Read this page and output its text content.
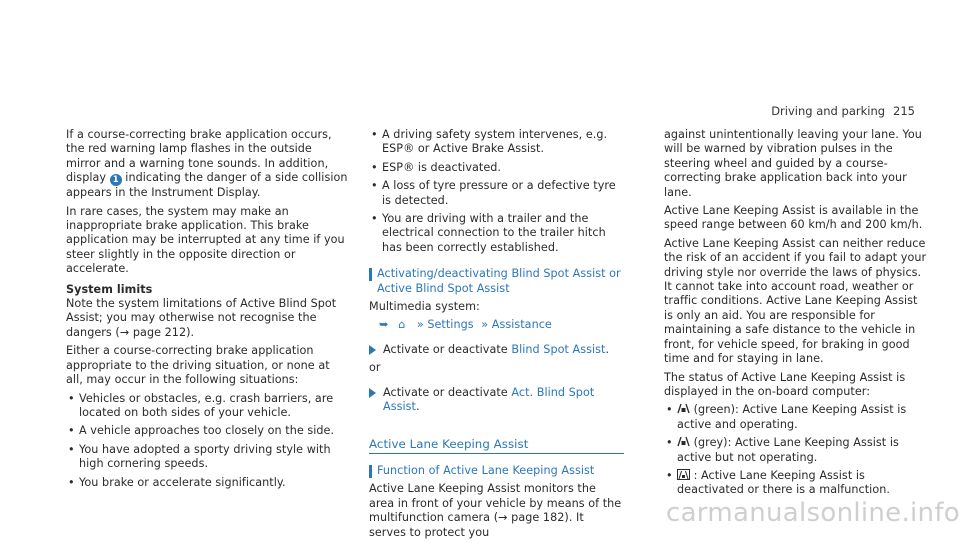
Driving and parking 215

If a course-correcting brake application occurs, the red warning lamp flashes in the outside mirror and a warning tone sounds. In addition, display 1 indicating the danger of a side collision appears in the Instrument Display.

In rare cases, the system may make an inappropriate brake application. This brake application may be interrupted at any time if you steer slightly in the opposite direction or accelerate.

System limits

Note the system limitations of Active Blind Spot Assist; you may otherwise not recognise the dangers (→ page 212).

Either a course-correcting brake application appropriate to the driving situation, or none at all, may occur in the following situations:

• Vehicles or obstacles, e.g. crash barriers, are located on both sides of your vehicle.
• A vehicle approaches too closely on the side.
• You have adopted a sporty driving style with high cornering speeds.
• You brake or accelerate significantly.
• A driving safety system intervenes, e.g. ESP® or Active Brake Assist.
• ESP® is deactivated.
• A loss of tyre pressure or a defective tyre is detected.
• You are driving with a trailer and the electrical connection to the trailer hitch has been correctly established.

Activating/deactivating Blind Spot Assist or Active Blind Spot Assist

Multimedia system:

➥ ⌂ » Settings » Assistance
Activate or deactivate Blind Spot Assist.

or

Activate or deactivate Act. Blind Spot Assist.
Active Lane Keeping Assist

Function of Active Lane Keeping Assist

Active Lane Keeping Assist monitors the area in front of your vehicle by means of the multifunction camera (→ page 182). It serves to protect you

against unintentionally leaving your lane. You will be warned by vibration pulses in the steering wheel and guided by a course-correcting brake application back into your lane.

Active Lane Keeping Assist is available in the speed range between 60 km/h and 200 km/h.

Active Lane Keeping Assist can neither reduce the risk of an accident if you fail to adapt your driving style nor override the laws of physics. It cannot take into account road, weather or traffic conditions. Active Lane Keeping Assist is only an aid. You are responsible for maintaining a safe distance to the vehicle in front, for vehicle speed, for braking in good time and for staying in lane.

The status of Active Lane Keeping Assist is displayed in the on-board computer:

• (green): Active Lane Keeping Assist is active and operating.
• (grey): Active Lane Keeping Assist is active but not operating.
• : Active Lane Keeping Assist is deactivated or there is a malfunction.
carmanualsonline.info
